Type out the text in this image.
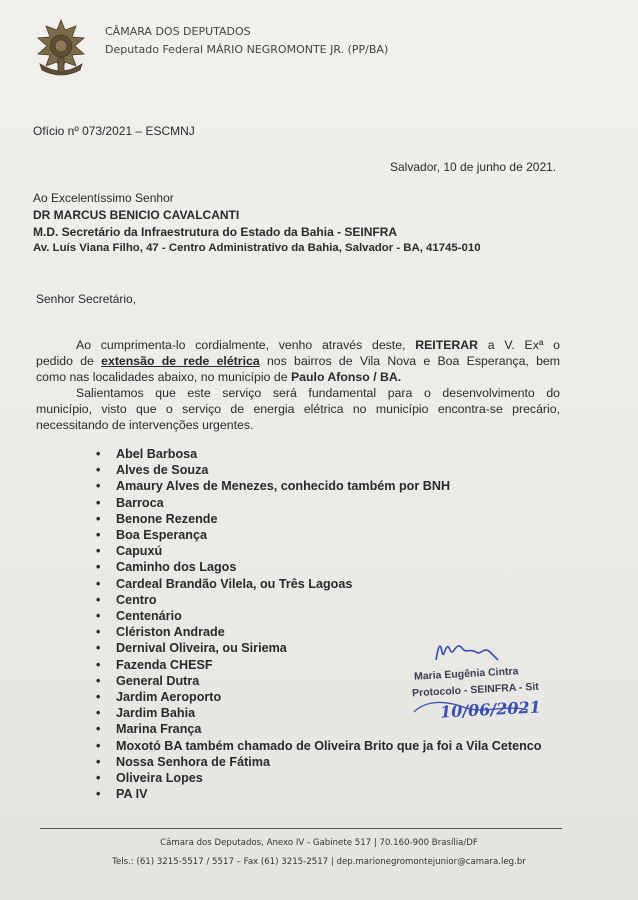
CÂMARA DOS DEPUTADOS
Deputado Federal MÁRIO NEGROMONTE JR. (PP/BA)
Ofício nº 073/2021 – ESCMNJ
Salvador, 10 de junho de 2021.
Ao Excelentíssimo Senhor
DR MARCUS BENICIO CAVALCANTI
M.D. Secretário da Infraestrutura do Estado da Bahia - SEINFRA
Av. Luís Viana Filho, 47 - Centro Administrativo da Bahia, Salvador - BA, 41745-010
Senhor Secretário,
Ao cumprimenta-lo cordialmente, venho através deste, REITERAR a V. Exª o
pedido de extensão de rede elétrica nos bairros de Vila Nova e Boa Esperança, bem
como nas localidades abaixo, no município de Paulo Afonso / BA.
Salientamos que este serviço será fundamental para o desenvolvimento do
município, visto que o serviço de energia elétrica no município encontra-se precário,
necessitando de intervenções urgentes.
• Abel Barbosa
• Alves de Souza
• Amaury Alves de Menezes, conhecido também por BNH
• Barroca
• Benone Rezende
• Boa Esperança
• Capuxú
• Caminho dos Lagos
• Cardeal Brandão Vilela, ou Três Lagoas
• Centro
• Centenário
• Clériston Andrade
• Dernival Oliveira, ou Siriema
• Fazenda CHESF
• General Dutra
• Jardim Aeroporto
• Jardim Bahia
• Marina França
• Moxotó BA também chamado de Oliveira Brito que ja foi a Vila Cetenco
• Nossa Senhora de Fátima
• Oliveira Lopes
• PA IV
Maria Eugênia Cintra
Protocolo - SEINFRA - Sit
10/06/2021
Câmara dos Deputados, Anexo IV - Gabinete 517 | 70.160-900 Brasília/DF
Tels.: (61) 3215-5517 / 5517 – Fax (61) 3215-2517 | dep.marionegromontejunior@camara.leg.br
